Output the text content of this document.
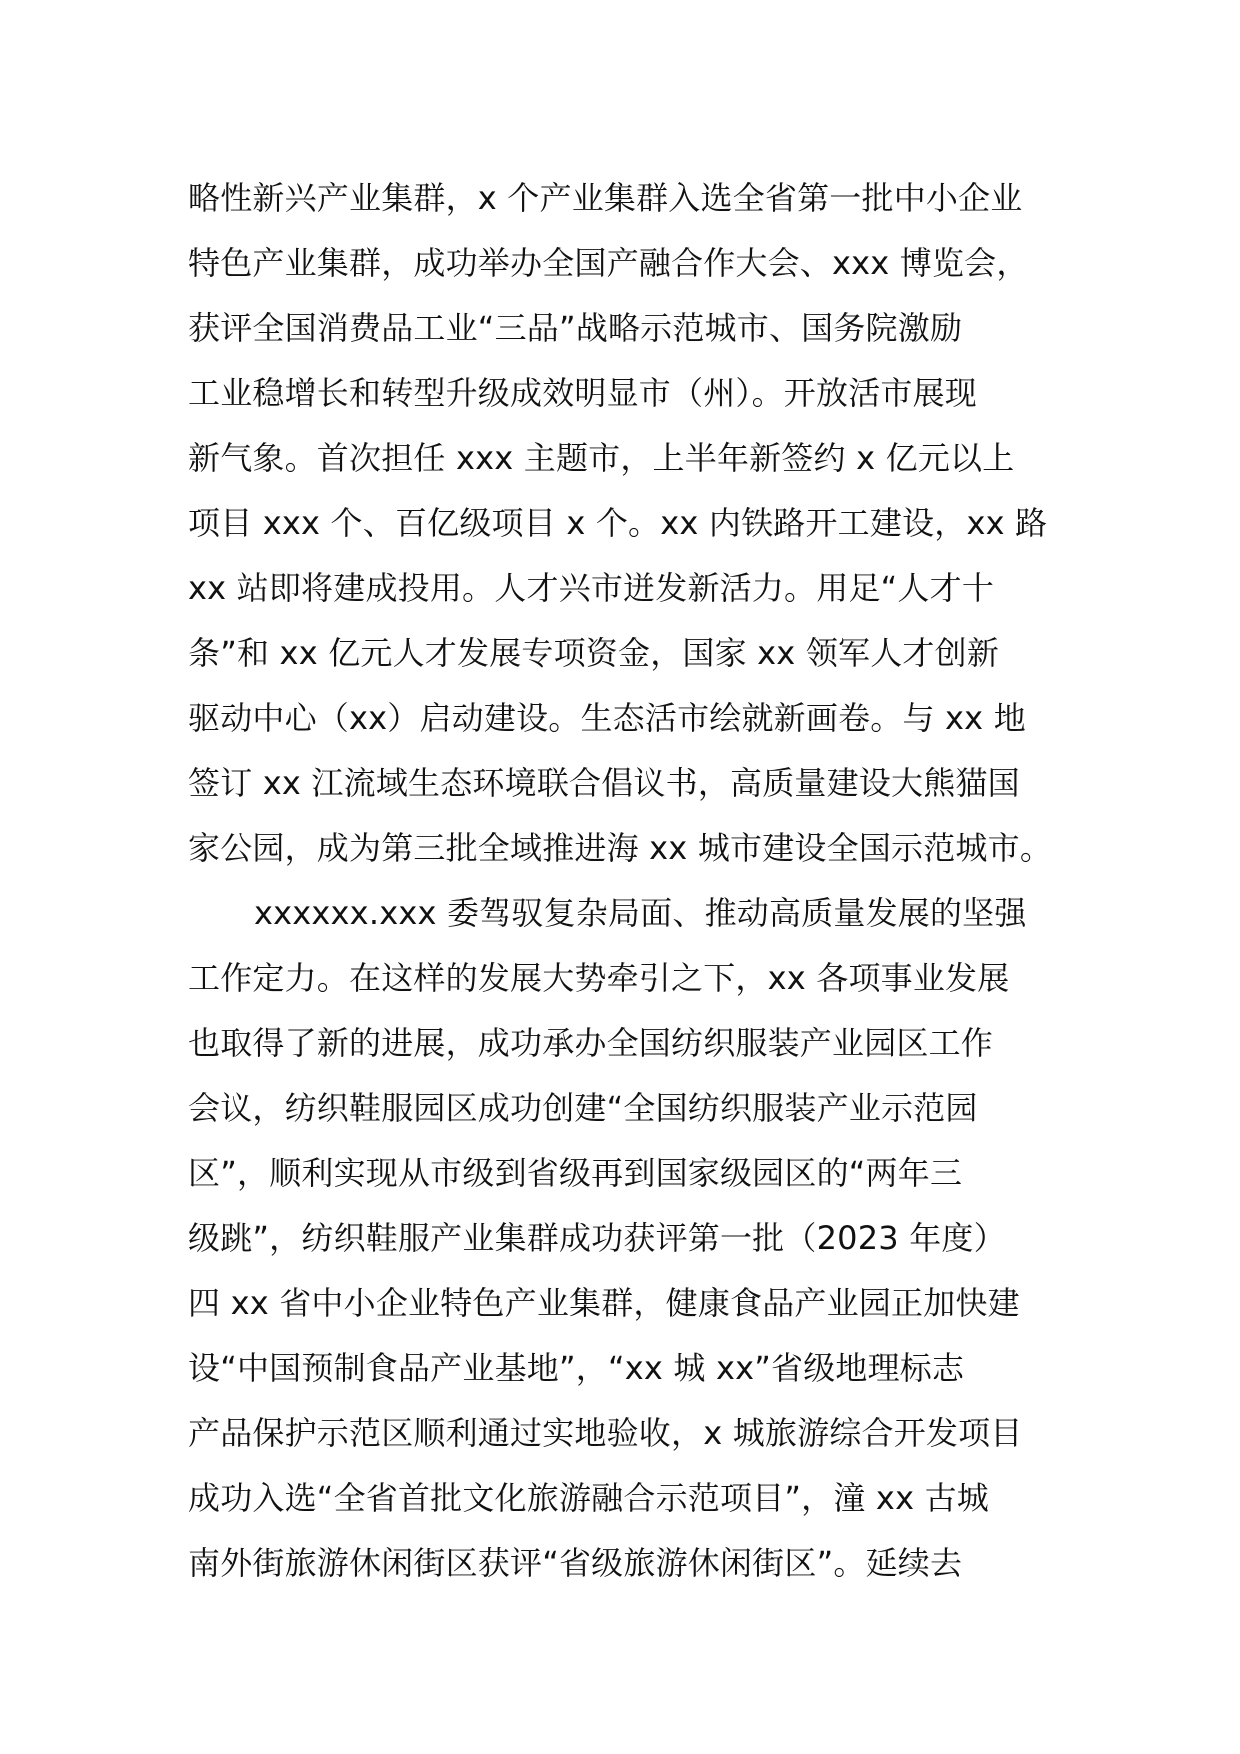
略性新兴产业集群，x 个产业集群入选全省第一批中小企业
特色产业集群，成功举办全国产融合作大会、xxx 博览会，
获评全国消费品工业“三品”战略示范城市、国务院激励
工业稳增长和转型升级成效明显市（州）。开放活市展现
新气象。首次担任 xxx 主题市，上半年新签约 x 亿元以上
项目 xxx 个、百亿级项目 x 个。xx 内铁路开工建设，xx 路
xx 站即将建成投用。人才兴市迸发新活力。用足“人才十
条”和 xx 亿元人才发展专项资金，国家 xx 领军人才创新
驱动中心（xx）启动建设。生态活市绘就新画卷。与 xx 地
签订 xx 江流域生态环境联合倡议书，高质量建设大熊猫国
家公园，成为第三批全域推进海 xx 城市建设全国示范城市。
xxxxxx.xxx 委驾驭复杂局面、推动高质量发展的坚强
工作定力。在这样的发展大势牵引之下，xx 各项事业发展
也取得了新的进展，成功承办全国纺织服装产业园区工作
会议，纺织鞋服园区成功创建“全国纺织服装产业示范园
区”，顺利实现从市级到省级再到国家级园区的“两年三
级跳”，纺织鞋服产业集群成功获评第一批（2023 年度）
四 xx 省中小企业特色产业集群，健康食品产业园正加快建
设“中国预制食品产业基地”，“xx 城 xx”省级地理标志
产品保护示范区顺利通过实地验收，x 城旅游综合开发项目
成功入选“全省首批文化旅游融合示范项目”，潼 xx 古城
南外街旅游休闲街区获评“省级旅游休闲街区”。延续去
